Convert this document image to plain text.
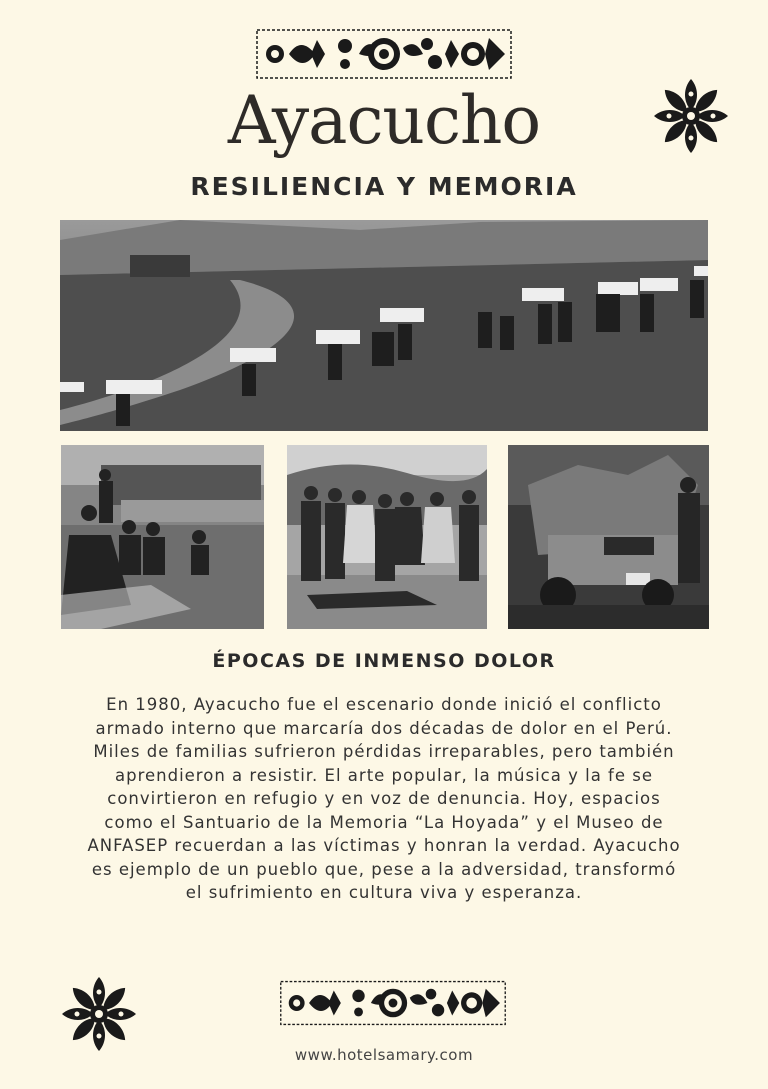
Ayacucho
RESILIENCIA Y MEMORIA
ÉPOCAS DE INMENSO DOLOR

En 1980, Ayacucho fue el escenario donde inició el conflicto armado interno que marcaría dos décadas de dolor en el Perú. Miles de familias sufrieron pérdidas irreparables, pero también aprendieron a resistir. El arte popular, la música y la fe se convirtieron en refugio y en voz de denuncia. Hoy, espacios como el Santuario de la Memoria “La Hoyada” y el Museo de ANFASEP recuerdan a las víctimas y honran la verdad. Ayacucho es ejemplo de un pueblo que, pese a la adversidad, transformó el sufrimiento en cultura viva y esperanza.

www.hotelsamary.com
